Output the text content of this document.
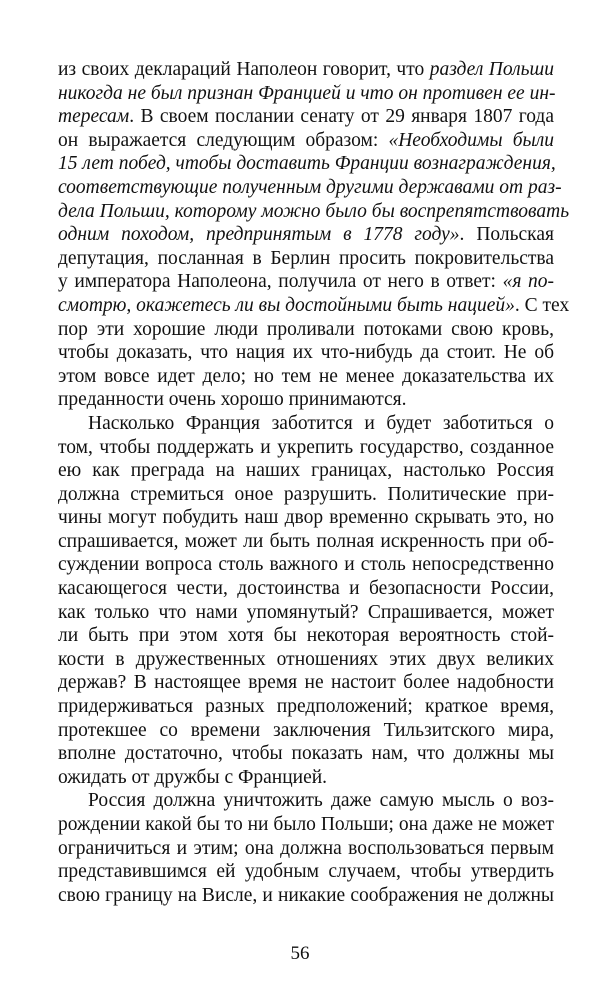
из своих деклараций Наполеон говорит, что раздел Польши
никогда не был признан Францией и что он противен ее ин-
тересам. В своем послании сенату от 29 января 1807 года
он выражается следующим образом: «Необходимы были
15 лет побед, чтобы доставить Франции вознаграждения,
соответствующие полученным другими державами от раз-
дела Польши, которому можно было бы воспрепятствовать
одним походом, предпринятым в 1778 году». Польская
депутация, посланная в Берлин просить покровительства
у императора Наполеона, получила от него в ответ: «я по-
смотрю, окажетесь ли вы достойными быть нацией». С тех
пор эти хорошие люди проливали потоками свою кровь,
чтобы доказать, что нация их что-нибудь да стоит. Не об
этом вовсе идет дело; но тем не менее доказательства их
преданности очень хорошо принимаются.
Насколько Франция заботится и будет заботиться о
том, чтобы поддержать и укрепить государство, созданное
ею как преграда на наших границах, настолько Россия
должна стремиться оное разрушить. Политические при-
чины могут побудить наш двор временно скрывать это, но
спрашивается, может ли быть полная искренность при об-
суждении вопроса столь важного и столь непосредственно
касающегося чести, достоинства и безопасности России,
как только что нами упомянутый? Спрашивается, может
ли быть при этом хотя бы некоторая вероятность стой-
кости в дружественных отношениях этих двух великих
держав? В настоящее время не настоит более надобности
придерживаться разных предположений; краткое время,
протекшее со времени заключения Тильзитского мира,
вполне достаточно, чтобы показать нам, что должны мы
ожидать от дружбы с Францией.
Россия должна уничтожить даже самую мысль о воз-
рождении какой бы то ни было Польши; она даже не может
ограничиться и этим; она должна воспользоваться первым
представившимся ей удобным случаем, чтобы утвердить
свою границу на Висле, и никакие соображения не должны
56
